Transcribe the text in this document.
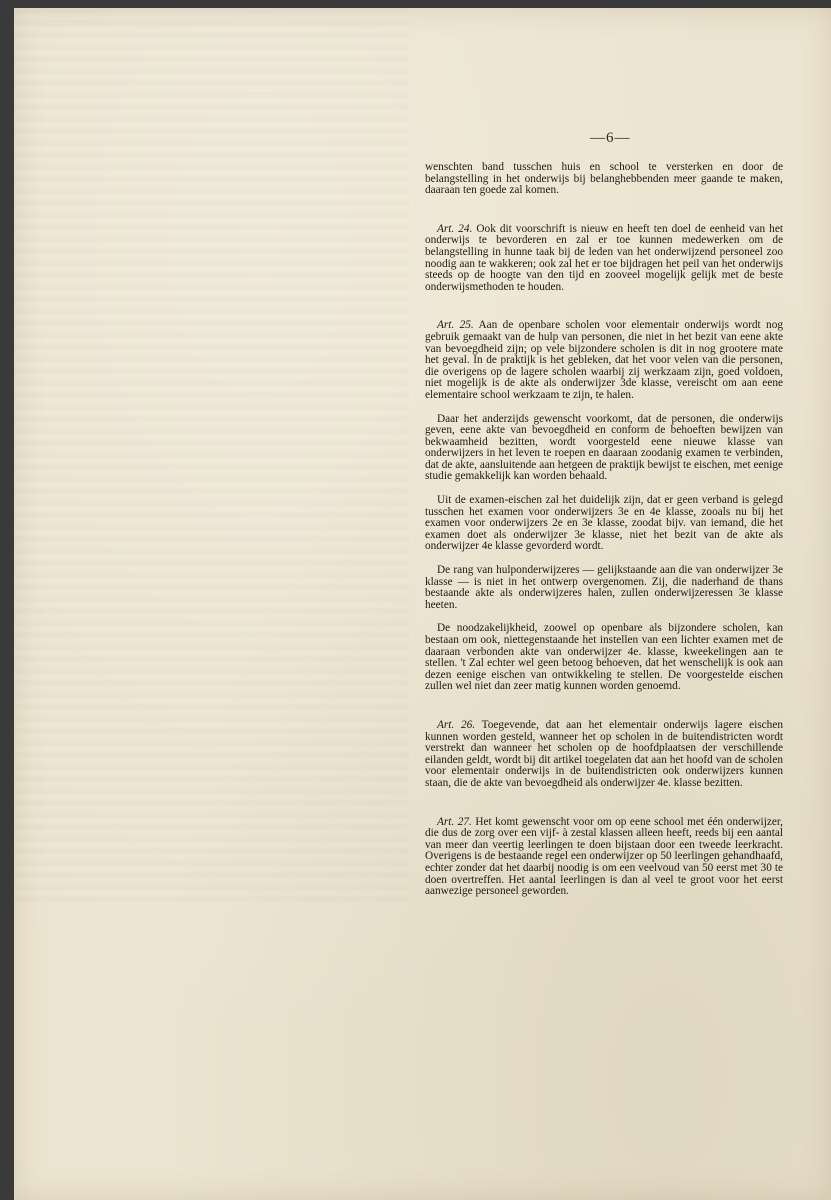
—6—

wenschten band tusschen huis en school te versterken en door de belangstelling in het onderwijs bij belanghebbenden meer gaande te maken, daaraan ten goede zal komen.

Art. 24. Ook dit voorschrift is nieuw en heeft ten doel de eenheid van het onderwijs te bevorderen en zal er toe kunnen medewerken om de belangstelling in hunne taak bij de leden van het onderwijzend personeel zoo noodig aan te wakkeren; ook zal het er toe bijdragen het peil van het onderwijs steeds op de hoogte van den tijd en zooveel mogelijk gelijk met de beste onderwijsmethoden te houden.

Art. 25. Aan de openbare scholen voor elementair onderwijs wordt nog gebruik gemaakt van de hulp van personen, die niet in het bezit van eene akte van bevoegdheid zijn; op vele bijzondere scholen is dit in nog grootere mate het geval. In de praktijk is het gebleken, dat het voor velen van die personen, die overigens op de lagere scholen waarbij zij werkzaam zijn, goed voldoen, niet mogelijk is de akte als onderwijzer 3de klasse, vereischt om aan eene elementaire school werkzaam te zijn, te halen.

Daar het anderzijds gewenscht voorkomt, dat de personen, die onderwijs geven, eene akte van bevoegdheid en conform de behoeften bewijzen van bekwaamheid bezitten, wordt voorgesteld eene nieuwe klasse van onderwijzers in het leven te roepen en daaraan zoodanig examen te verbinden, dat de akte, aansluitende aan hetgeen de praktijk bewijst te eischen, met eenige studie gemakkelijk kan worden behaald.

Uit de examen-eischen zal het duidelijk zijn, dat er geen verband is gelegd tusschen het examen voor onderwijzers 3e en 4e klasse, zooals nu bij het examen voor onderwijzers 2e en 3e klasse, zoodat bijv. van iemand, die het examen doet als onderwijzer 3e klasse, niet het bezit van de akte als onderwijzer 4e klasse gevorderd wordt.

De rang van hulponderwijzeres — gelijkstaande aan die van onderwijzer 3e klasse — is niet in het ontwerp overgenomen. Zij, die naderhand de thans bestaande akte als onderwijzeres halen, zullen onderwijzeressen 3e klasse heeten.

De noodzakelijkheid, zoowel op openbare als bijzondere scholen, kan bestaan om ook, niettegenstaande het instellen van een lichter examen met de daaraan verbonden akte van onderwijzer 4e. klasse, kweekelingen aan te stellen. 't Zal echter wel geen betoog behoeven, dat het wenschelijk is ook aan dezen eenige eischen van ontwikkeling te stellen. De voorgestelde eischen zullen wel niet dan zeer matig kunnen worden genoemd.

Art. 26. Toegevende, dat aan het elementair onderwijs lagere eischen kunnen worden gesteld, wanneer het op scholen in de buitendistricten wordt verstrekt dan wanneer het scholen op de hoofdplaatsen der verschillende eilanden geldt, wordt bij dit artikel toegelaten dat aan het hoofd van de scholen voor elementair onderwijs in de buitendistricten ook onderwijzers kunnen staan, die de akte van bevoegdheid als onderwijzer 4e. klasse bezitten.

Art. 27. Het komt gewenscht voor om op eene school met één onderwijzer, die dus de zorg over een vijf- à zestal klassen alleen heeft, reeds bij een aantal van meer dan veertig leerlingen te doen bijstaan door een tweede leerkracht. Overigens is de bestaande regel een onderwijzer op 50 leerlingen gehandhaafd, echter zonder dat het daarbij noodig is om een veelvoud van 50 eerst met 30 te doen overtreffen. Het aantal leerlingen is dan al veel te groot voor het eerst aanwezige personeel geworden.
